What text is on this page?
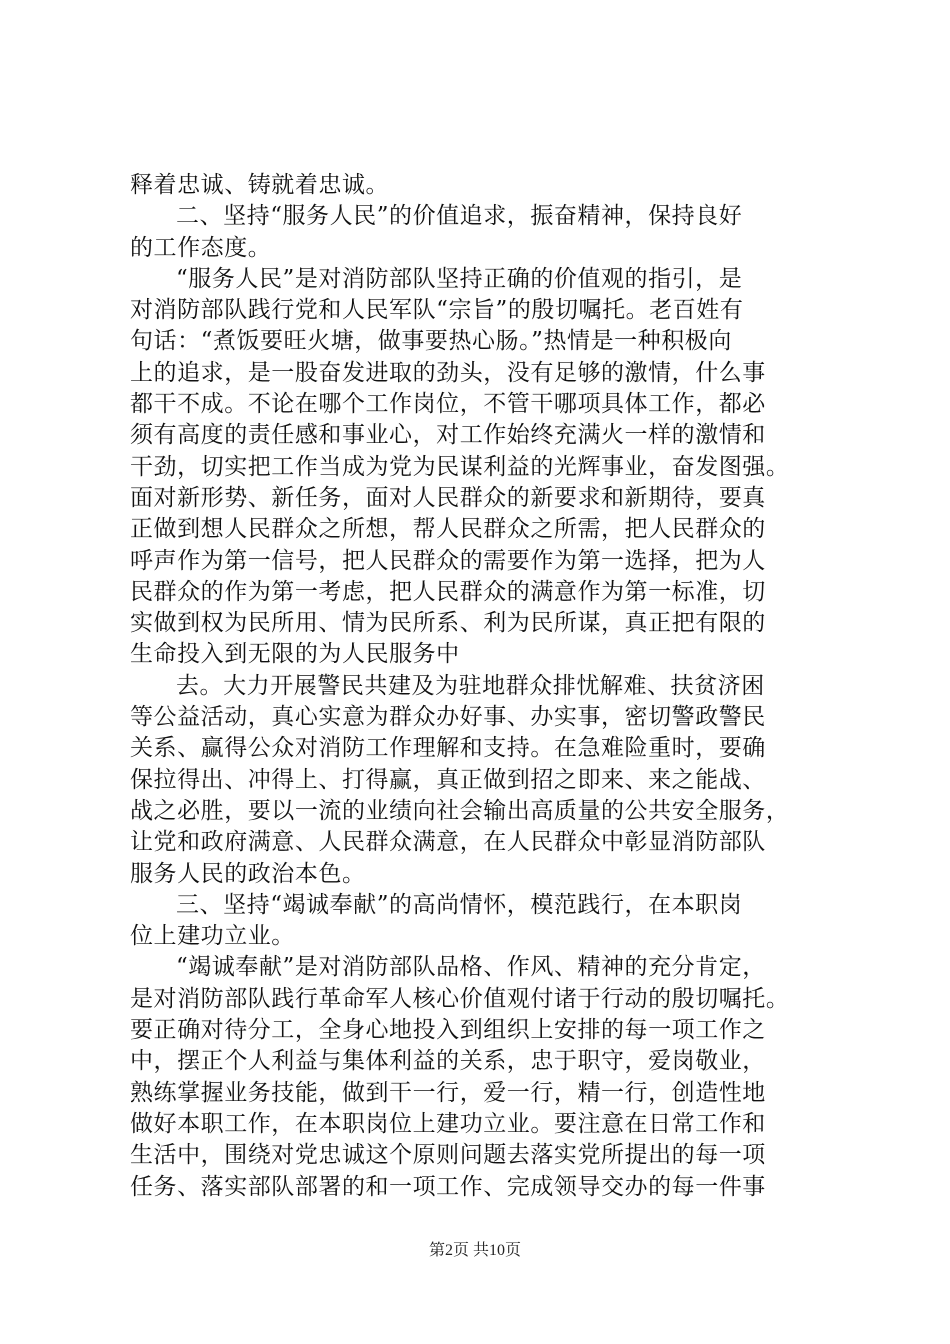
释着忠诚、铸就着忠诚。
二、坚持“服务人民”的价值追求，振奋精神，保持良好
的工作态度。
“服务人民”是对消防部队坚持正确的价值观的指引，是
对消防部队践行党和人民军队“宗旨”的殷切嘱托。老百姓有
句话：“煮饭要旺火塘，做事要热心肠。”热情是一种积极向
上的追求，是一股奋发进取的劲头，没有足够的激情，什么事
都干不成。不论在哪个工作岗位，不管干哪项具体工作，都必
须有高度的责任感和事业心，对工作始终充满火一样的激情和
干劲，切实把工作当成为党为民谋利益的光辉事业，奋发图强。
面对新形势、新任务，面对人民群众的新要求和新期待，要真
正做到想人民群众之所想，帮人民群众之所需，把人民群众的
呼声作为第一信号，把人民群众的需要作为第一选择，把为人
民群众的作为第一考虑，把人民群众的满意作为第一标准，切
实做到权为民所用、情为民所系、利为民所谋，真正把有限的
生命投入到无限的为人民服务中
去。大力开展警民共建及为驻地群众排忧解难、扶贫济困
等公益活动，真心实意为群众办好事、办实事，密切警政警民
关系、赢得公众对消防工作理解和支持。在急难险重时，要确
保拉得出、冲得上、打得赢，真正做到招之即来、来之能战、
战之必胜，要以一流的业绩向社会输出高质量的公共安全服务，
让党和政府满意、人民群众满意，在人民群众中彰显消防部队
服务人民的政治本色。
三、坚持“竭诚奉献”的高尚情怀，模范践行，在本职岗
位上建功立业。
“竭诚奉献”是对消防部队品格、作风、精神的充分肯定，
是对消防部队践行革命军人核心价值观付诸于行动的殷切嘱托。
要正确对待分工，全身心地投入到组织上安排的每一项工作之
中，摆正个人利益与集体利益的关系，忠于职守，爱岗敬业，
熟练掌握业务技能，做到干一行，爱一行，精一行，创造性地
做好本职工作，在本职岗位上建功立业。要注意在日常工作和
生活中，围绕对党忠诚这个原则问题去落实党所提出的每一项
任务、落实部队部署的和一项工作、完成领导交办的每一件事
第2页 共10页
